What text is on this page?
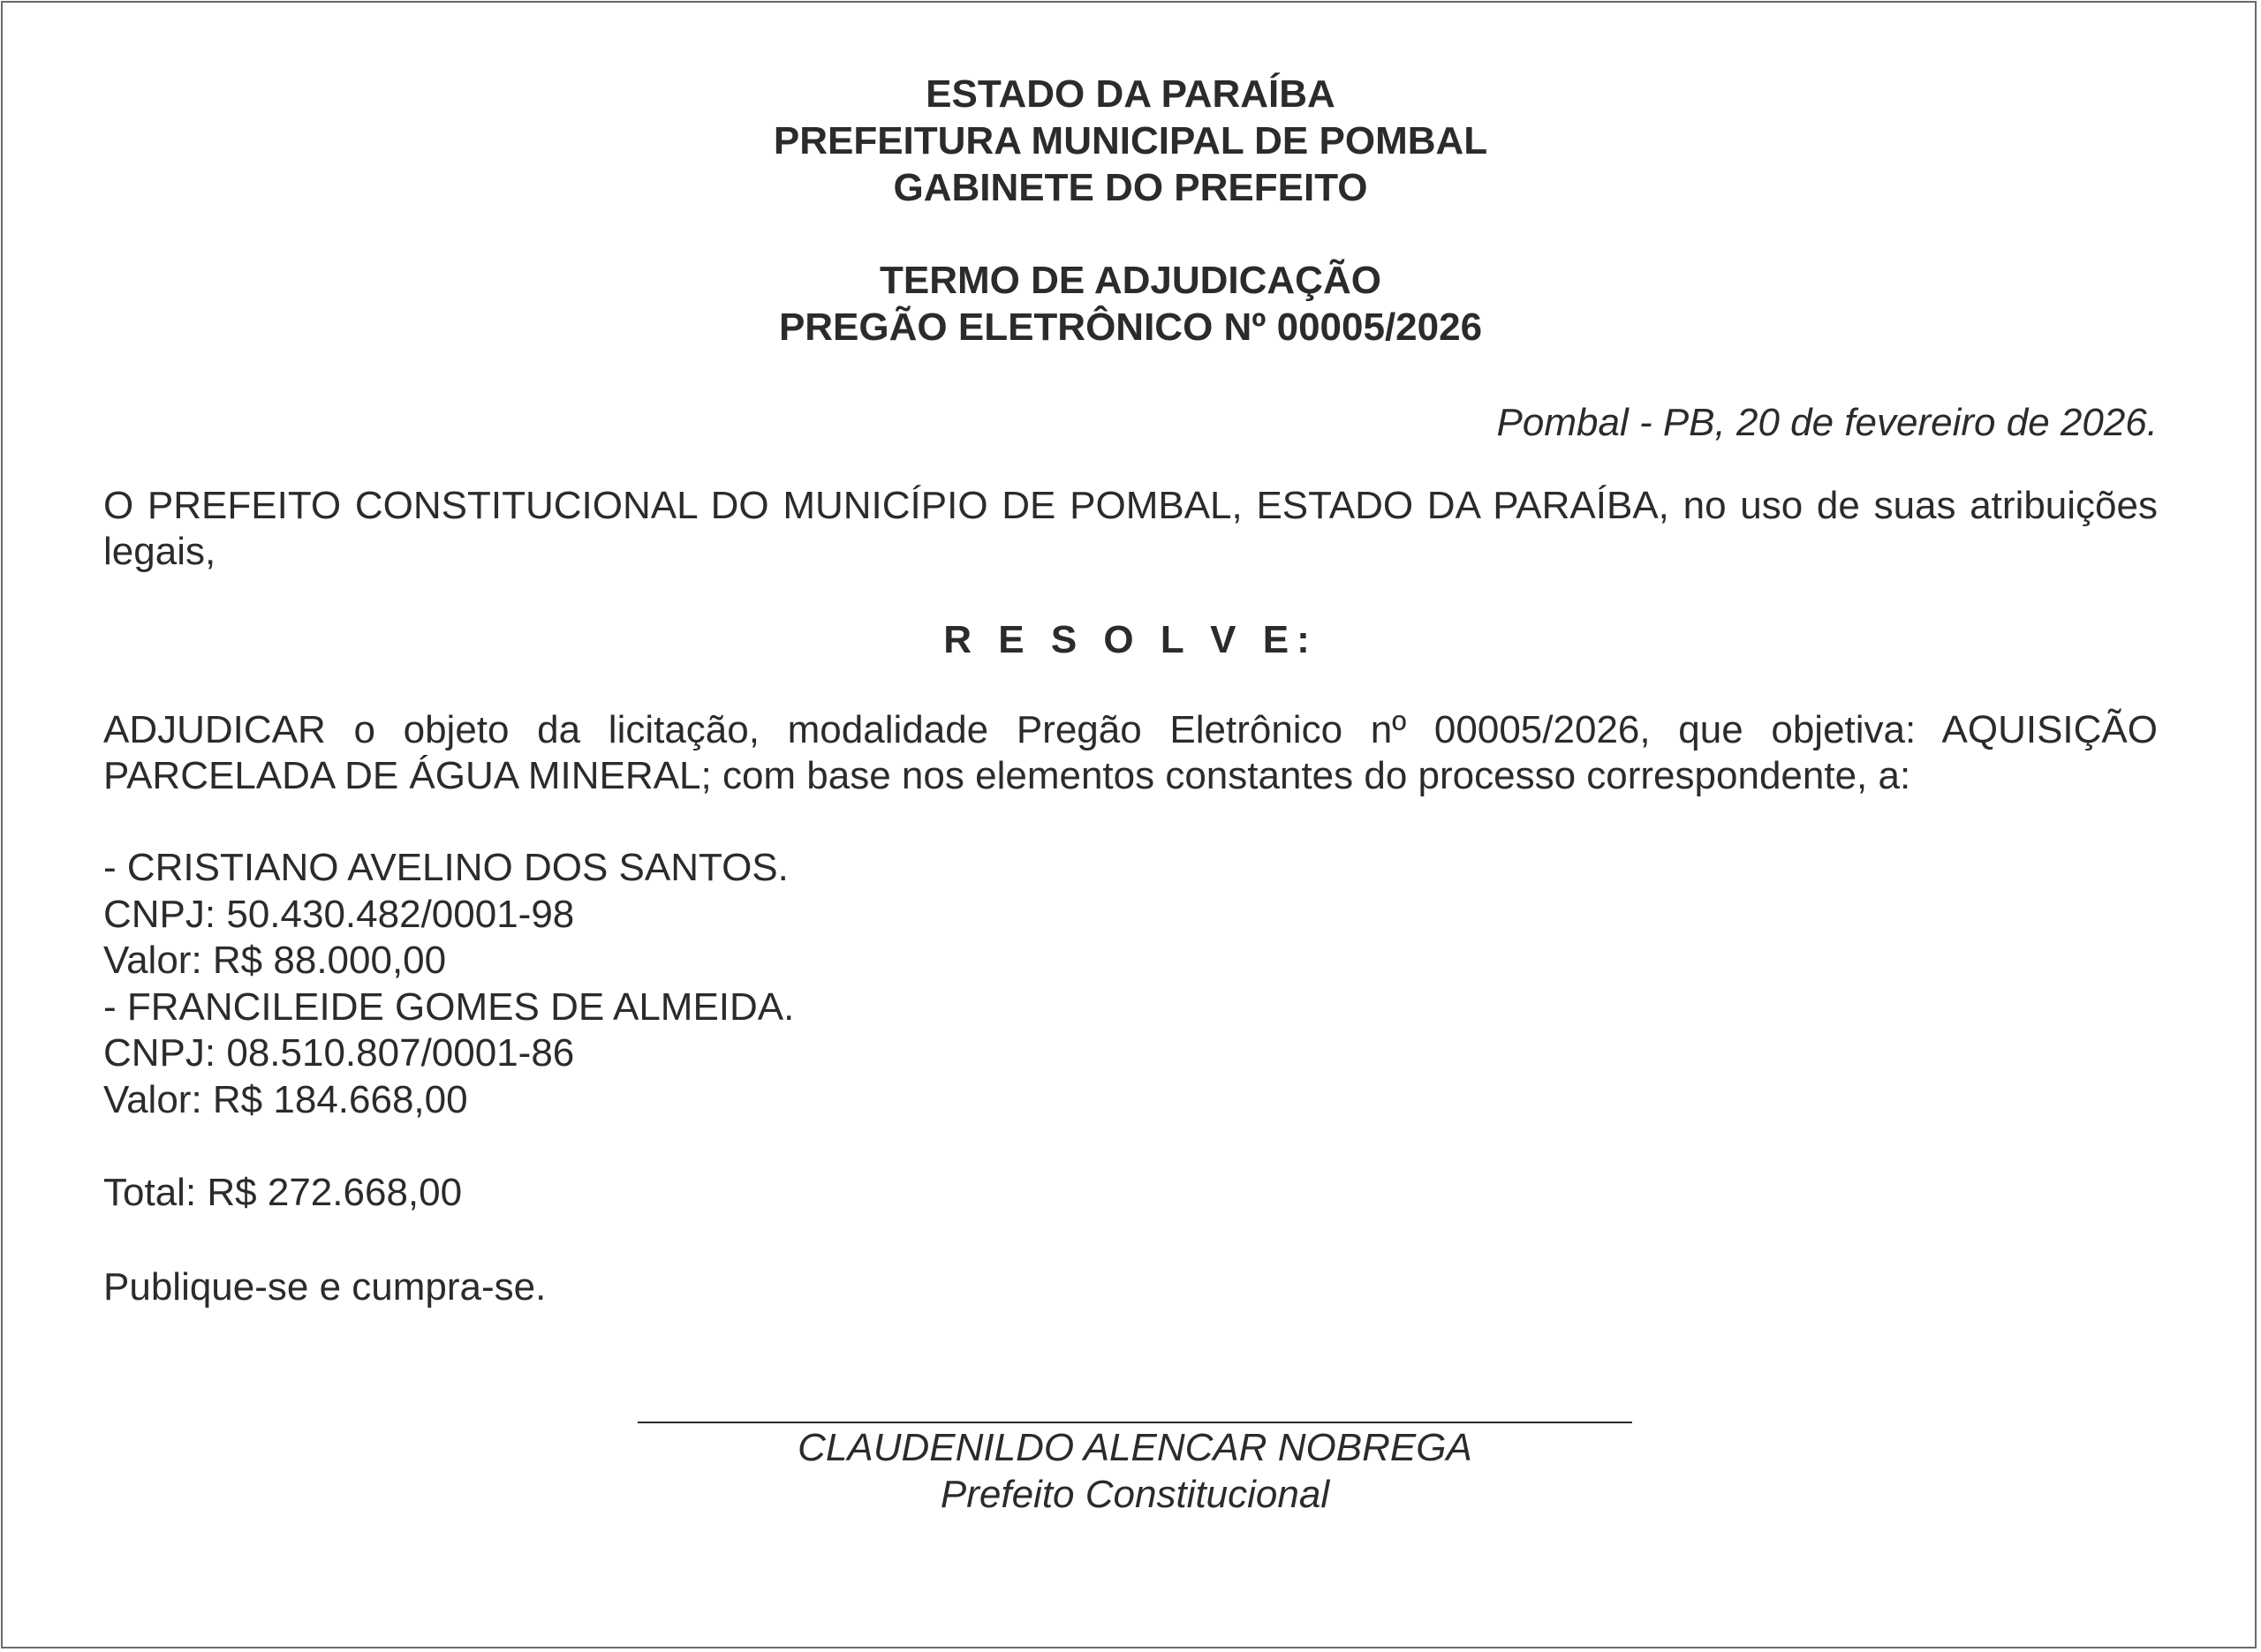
ESTADO DA PARAÍBA
PREFEITURA MUNICIPAL DE POMBAL
GABINETE DO PREFEITO
TERMO DE ADJUDICAÇÃO
PREGÃO ELETRÔNICO Nº 00005/2026
Pombal - PB, 20 de fevereiro de 2026.
O PREFEITO CONSTITUCIONAL DO MUNICÍPIO DE POMBAL, ESTADO DA PARAÍBA, no uso de suas atribuições legais,
R E S O L V E:
ADJUDICAR o objeto da licitação, modalidade Pregão Eletrônico nº 00005/2026, que objetiva: AQUISIÇÃO PARCELADA DE ÁGUA MINERAL; com base nos elementos constantes do processo correspondente, a:
- CRISTIANO AVELINO DOS SANTOS.
CNPJ: 50.430.482/0001-98
Valor: R$ 88.000,00
- FRANCILEIDE GOMES DE ALMEIDA.
CNPJ: 08.510.807/0001-86
Valor: R$ 184.668,00
Total: R$ 272.668,00
Publique-se e cumpra-se.
CLAUDENILDO ALENCAR NOBREGA
Prefeito Constitucional
